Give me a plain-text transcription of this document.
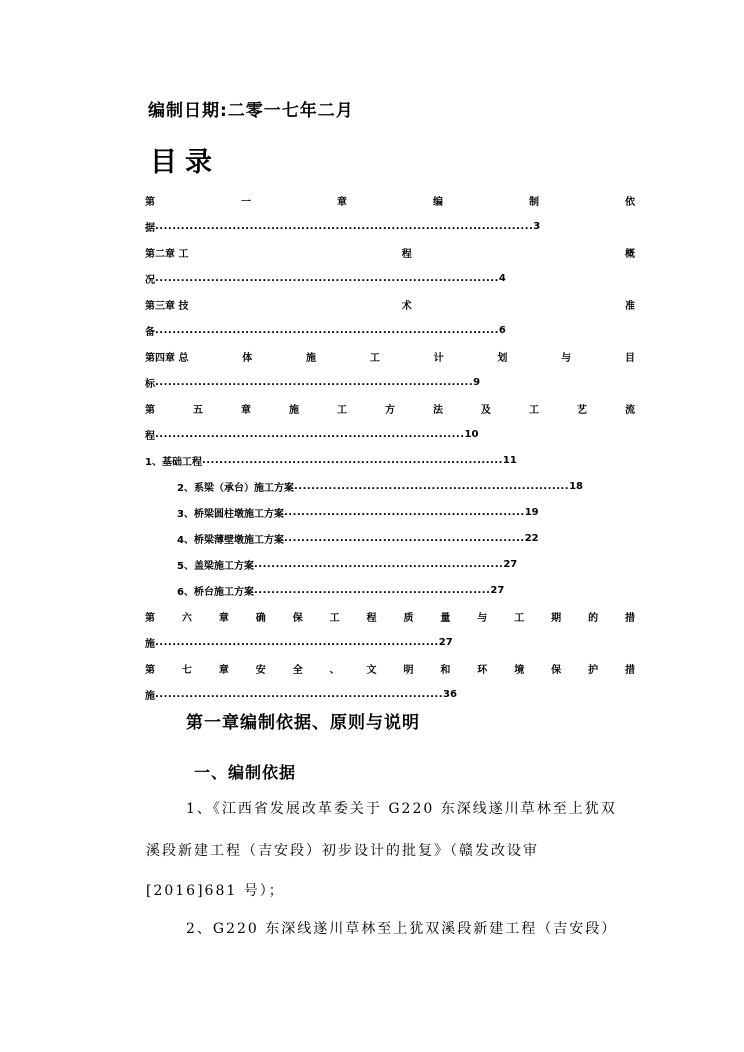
编制日期:二零一七年二月
目录
第	一	章	编	制	依
据 ........................................................................................ 3
第二章 工	程	概
况 ................................................................................ 4
第三章 技	术	准
备 ................................................................................ 6
第四章 总	体	施	工	计	划	与	目
标 .......................................................................... 9
第	五	章	施	工	方	法	及	工	艺	流
程 ........................................................................ 10
1、基础工程 ...................................................................... 11
2、系梁（承台）施工方案 ................................................................ 18
3、桥梁圆柱墩施工方案 ........................................................ 19
4、桥梁薄壁墩施工方案 ........................................................ 22
5、盖梁施工方案 .......................................................... 27
6、桥台施工方案 ....................................................... 27
第	六	章	确	保	工	程	质	量	与	工	期	的	措
施 .................................................................. 27
第	七	章	安	全	、	文	明	和	环	境	保	护	措
施 ................................................................... 36
第一章编制依据、原则与说明
一、编制依据
1、《江西省发展改革委关于 G220 东深线遂川草林至上犹双
溪段新建工程（吉安段）初步设计的批复》（赣发改设审
[2016]681 号）；
2、G220 东深线遂川草林至上犹双溪段新建工程（吉安段）
